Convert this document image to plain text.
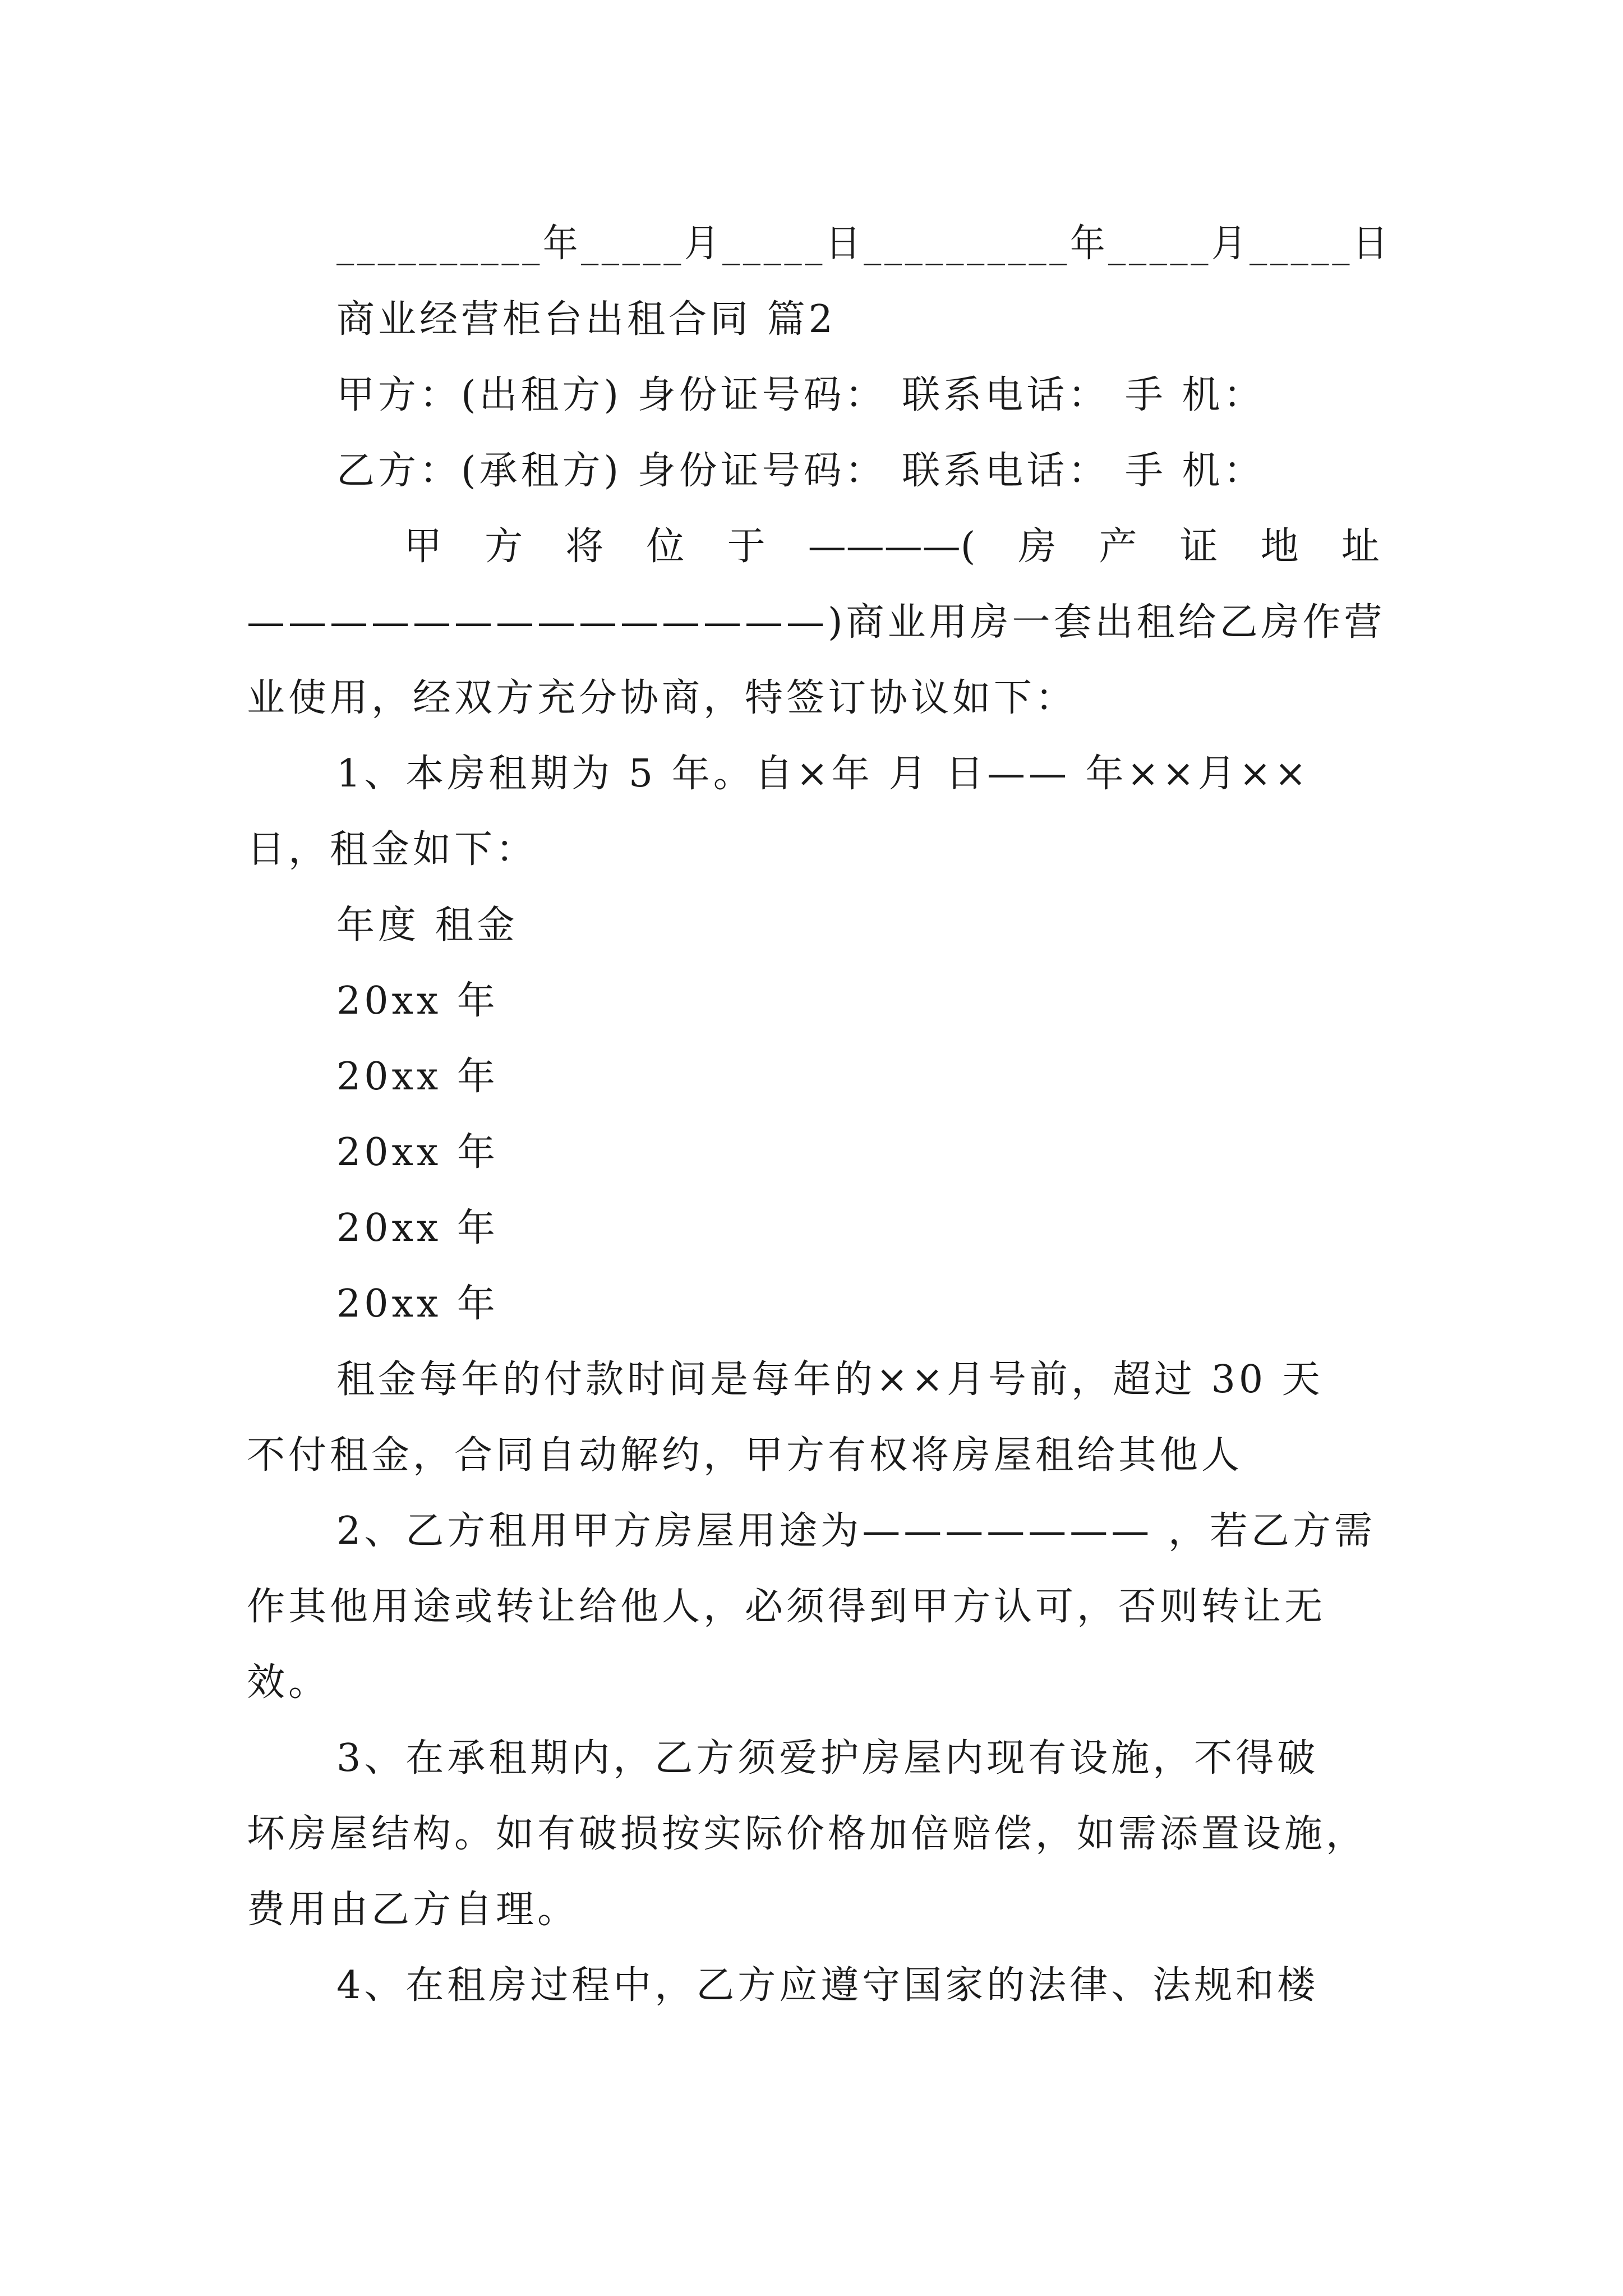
__________年_____月_____日__________年_____月_____日
商业经营柜台出租合同 篇2
甲方：(出租方) 身份证号码： 联系电话： 手 机：
乙方：(承租方) 身份证号码： 联系电话： 手 机：
甲 方 将 位 于 ————( 房 产 证 地 址
——————————————)商业用房一套出租给乙房作营
业使用，经双方充分协商，特签订协议如下：
1、本房租期为 5 年。自×年 月 日—— 年××月××
日，租金如下：
年度 租金
20xx 年
20xx 年
20xx 年
20xx 年
20xx 年
租金每年的付款时间是每年的××月号前，超过 30 天
不付租金，合同自动解约，甲方有权将房屋租给其他人
2、乙方租用甲方房屋用途为——————— ，若乙方需
作其他用途或转让给他人，必须得到甲方认可，否则转让无
效。
3、在承租期内，乙方须爱护房屋内现有设施，不得破
坏房屋结构。如有破损按实际价格加倍赔偿，如需添置设施，
费用由乙方自理。
4、在租房过程中，乙方应遵守国家的法律、法规和楼
